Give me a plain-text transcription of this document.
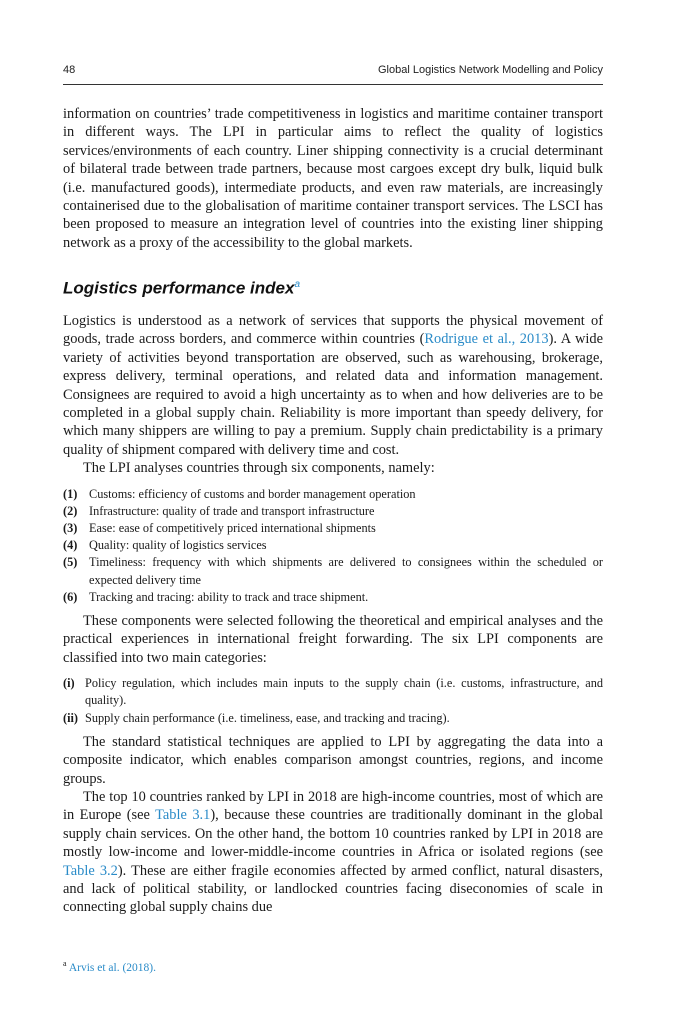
48	Global Logistics Network Modelling and Policy

information on countries’ trade competitiveness in logistics and maritime container transport in different ways. The LPI in particular aims to reflect the quality of logistics services/environments of each country. Liner shipping connectivity is a crucial determinant of bilateral trade between trade partners, because most cargoes except dry bulk, liquid bulk (i.e. manufactured goods), intermediate products, and even raw materials, are increasingly containerised due to the globalisation of maritime container transport services. The LSCI has been proposed to measure an integration level of countries into the existing liner shipping network as a proxy of the accessibility to the global markets.

Logistics performance index$^a$

Logistics is understood as a network of services that supports the physical movement of goods, trade across borders, and commerce within countries (Rodrigue et al., 2013). A wide variety of activities beyond transportation are observed, such as warehousing, brokerage, express delivery, terminal operations, and related data and information management. Consignees are required to avoid a high uncertainty as to when and how deliveries are to be completed in a global supply chain. Reliability is more important than speedy delivery, for which many shippers are willing to pay a premium. Supply chain predictability is a primary quality of shipment compared with delivery time and cost.

The LPI analyses countries through six components, namely:

(1) Customs: efficiency of customs and border management operation
(2) Infrastructure: quality of trade and transport infrastructure
(3) Ease: ease of competitively priced international shipments
(4) Quality: quality of logistics services
(5) Timeliness: frequency with which shipments are delivered to consignees within the scheduled or expected delivery time
(6) Tracking and tracing: ability to track and trace shipment.

These components were selected following the theoretical and empirical analyses and the practical experiences in international freight forwarding. The six LPI components are classified into two main categories:

(i) Policy regulation, which includes main inputs to the supply chain (i.e. customs, infrastructure, and quality).
(ii) Supply chain performance (i.e. timeliness, ease, and tracking and tracing).

The standard statistical techniques are applied to LPI by aggregating the data into a composite indicator, which enables comparison amongst countries, regions, and income groups.

The top 10 countries ranked by LPI in 2018 are high-income countries, most of which are in Europe (see Table 3.1), because these countries are traditionally dominant in the global supply chain services. On the other hand, the bottom 10 countries ranked by LPI in 2018 are mostly low-income and lower-middle-income countries in Africa or isolated regions (see Table 3.2). These are either fragile economies affected by armed conflict, natural disasters, and lack of political stability, or landlocked countries facing diseconomies of scale in connecting global supply chains due

$^a$ Arvis et al. (2018).
